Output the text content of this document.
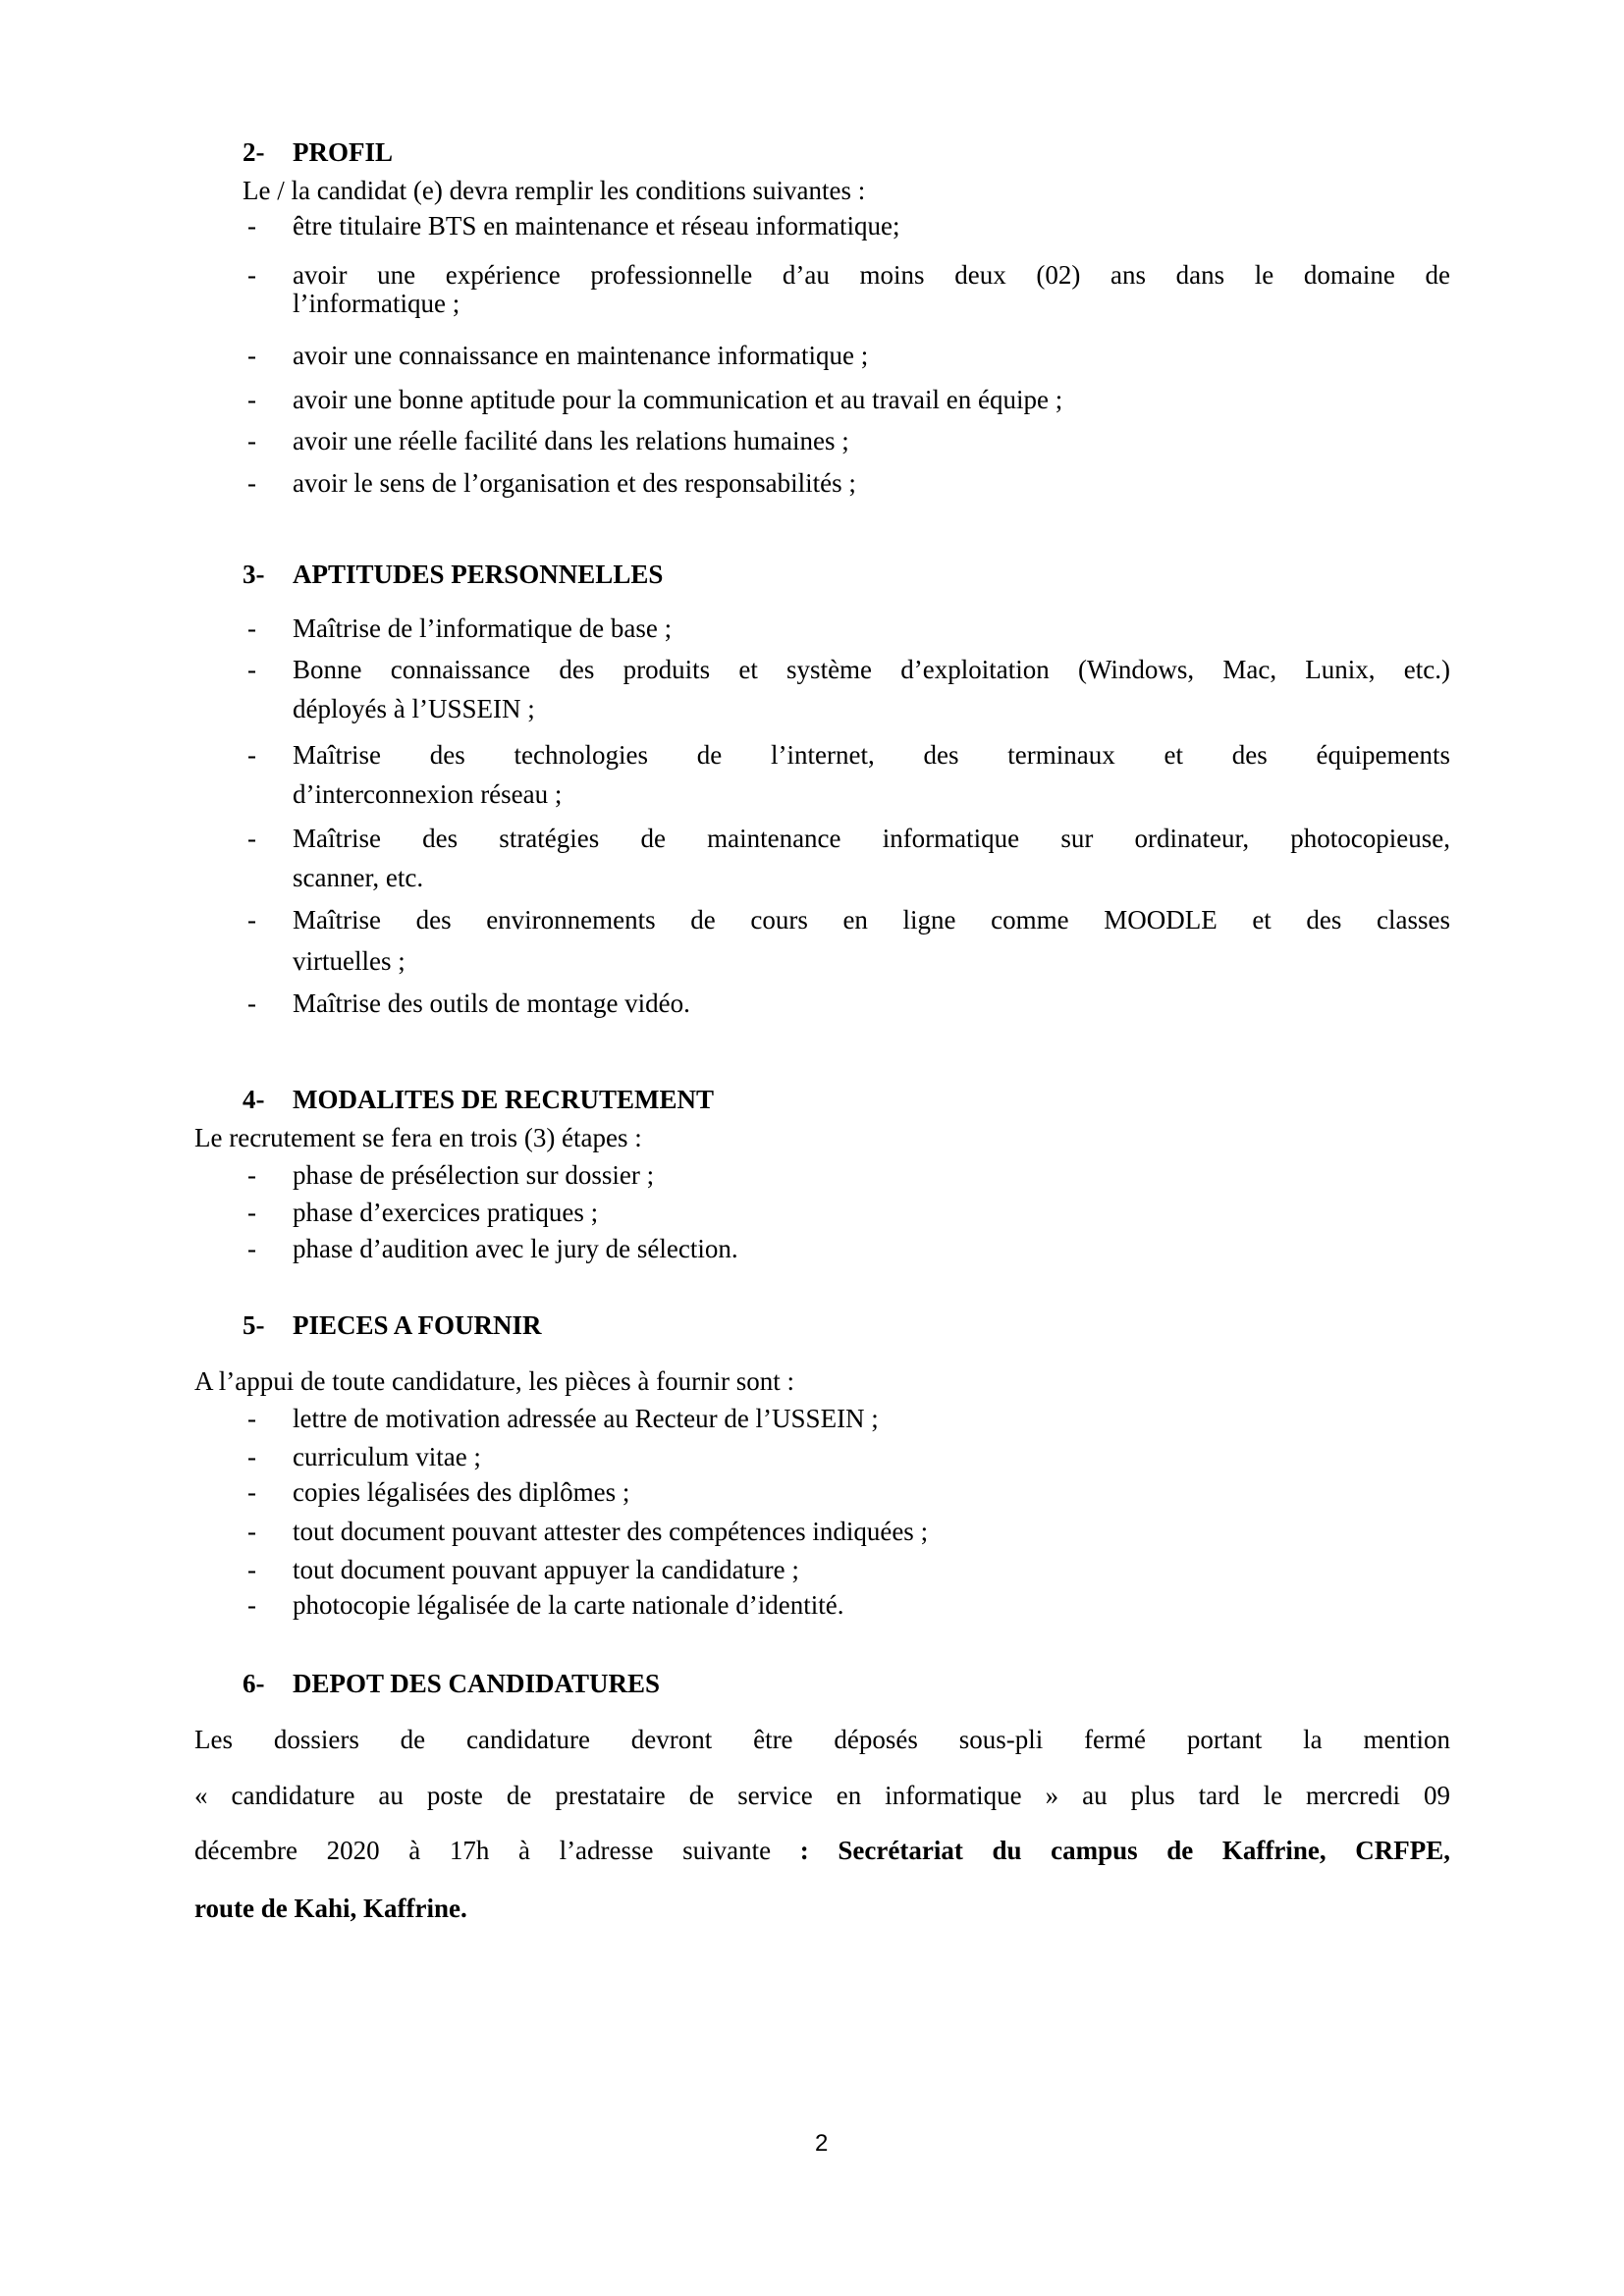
2- PROFIL
Le / la candidat (e) devra remplir les conditions suivantes :
- être titulaire BTS en maintenance et réseau informatique;
- avoir une expérience professionnelle d’au moins deux (02) ans dans le domaine de
l’informatique ;
- avoir une connaissance en maintenance informatique ;
- avoir une bonne aptitude pour la communication et au travail en équipe ;
- avoir une réelle facilité dans les relations humaines ;
- avoir le sens de l’organisation et des responsabilités ;
3- APTITUDES PERSONNELLES
- Maîtrise de l’informatique de base ;
- Bonne connaissance des produits et système d’exploitation (Windows, Mac, Lunix, etc.)
déployés à l’USSEIN ;
- Maîtrise des technologies de l’internet, des terminaux et des équipements
d’interconnexion réseau ;
- Maîtrise des stratégies de maintenance informatique sur ordinateur, photocopieuse,
scanner, etc.
- Maîtrise des environnements de cours en ligne comme MOODLE et des classes
virtuelles ;
- Maîtrise des outils de montage vidéo.
4- MODALITES DE RECRUTEMENT
Le recrutement se fera en trois (3) étapes :
- phase de présélection sur dossier ;
- phase d’exercices pratiques ;
- phase d’audition avec le jury de sélection.
5- PIECES A FOURNIR
A l’appui de toute candidature, les pièces à fournir sont :
- lettre de motivation adressée au Recteur de l’USSEIN ;
- curriculum vitae ;
- copies légalisées des diplômes ;
- tout document pouvant attester des compétences indiquées ;
- tout document pouvant appuyer la candidature ;
- photocopie légalisée de la carte nationale d’identité.
6- DEPOT DES CANDIDATURES
Les dossiers de candidature devront être déposés sous-pli fermé portant la mention
« candidature au poste de prestataire de service en informatique » au plus tard le mercredi 09
décembre 2020 à 17h à l’adresse suivante : Secrétariat du campus de Kaffrine, CRFPE,
route de Kahi, Kaffrine.
2
